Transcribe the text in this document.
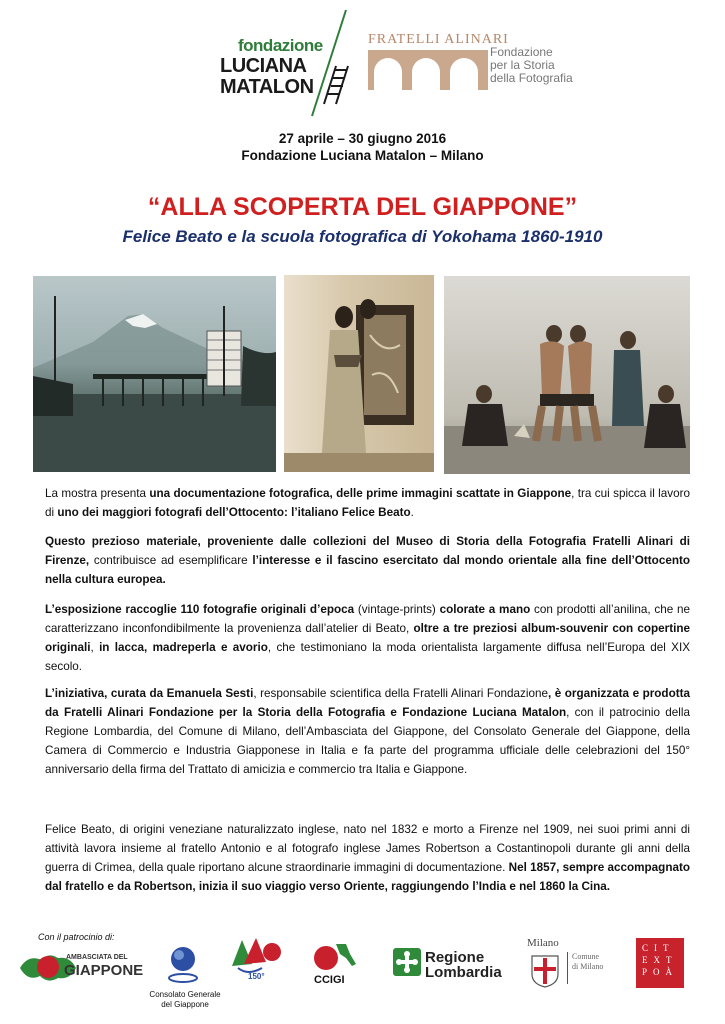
fondazione
LUCIANA
MATALON
FRATELLI ALINARI
Fondazione
per la Storia
della Fotografia
27 aprile – 30 giugno 2016
Fondazione Luciana Matalon – Milano
“ALLA SCOPERTA DEL GIAPPONE”
Felice Beato e la scuola fotografica di Yokohama 1860-1910
La mostra presenta una documentazione fotografica, delle prime immagini scattate in Giappone, tra cui spicca il lavoro di uno dei maggiori fotografi dell’Ottocento: l’italiano Felice Beato.
Questo prezioso materiale, proveniente dalle collezioni del Museo di Storia della Fotografia Fratelli Alinari di Firenze, contribuisce ad esemplificare l’interesse e il fascino esercitato dal mondo orientale alla fine dell’Ottocento nella cultura europea.
L’esposizione raccoglie 110 fotografie originali d’epoca (vintage-prints) colorate a mano con prodotti all’anilina, che ne caratterizzano inconfondibilmente la provenienza dall’atelier di Beato, oltre a tre preziosi album-souvenir con copertine originali, in lacca, madreperla e avorio, che testimoniano la moda orientalista largamente diffusa nell’Europa del XIX secolo.
L’iniziativa, curata da Emanuela Sesti, responsabile scientifica della Fratelli Alinari Fondazione, è organizzata e prodotta da Fratelli Alinari Fondazione per la Storia della Fotografia e Fondazione Luciana Matalon, con il patrocinio della Regione Lombardia, del Comune di Milano, dell’Ambasciata del Giappone, del Consolato Generale del Giappone, della Camera di Commercio e Industria Giapponese in Italia e fa parte del programma ufficiale delle celebrazioni del 150° anniversario della firma del Trattato di amicizia e commercio tra Italia e Giappone.
Felice Beato, di origini veneziane naturalizzato inglese, nato nel 1832 e morto a Firenze nel 1909, nei suoi primi anni di attività lavora insieme al fratello Antonio e al fotografo inglese James Robertson a Costantinopoli durante gli anni della guerra di Crimea, della quale riportano alcune straordinarie immagini di documentazione. Nel 1857, sempre accompagnato dal fratello e da Robertson, inizia il suo viaggio verso Oriente, raggiungendo l’India e nel 1860 la Cina.
Con il patrocinio di:
AMBASCIATA DEL
GIAPPONE
Consolato Generale
del Giappone
150°	CCIGI
Regione
Lombardia
Milano
Comune
di Milano
CIT
EXT
POÀ
